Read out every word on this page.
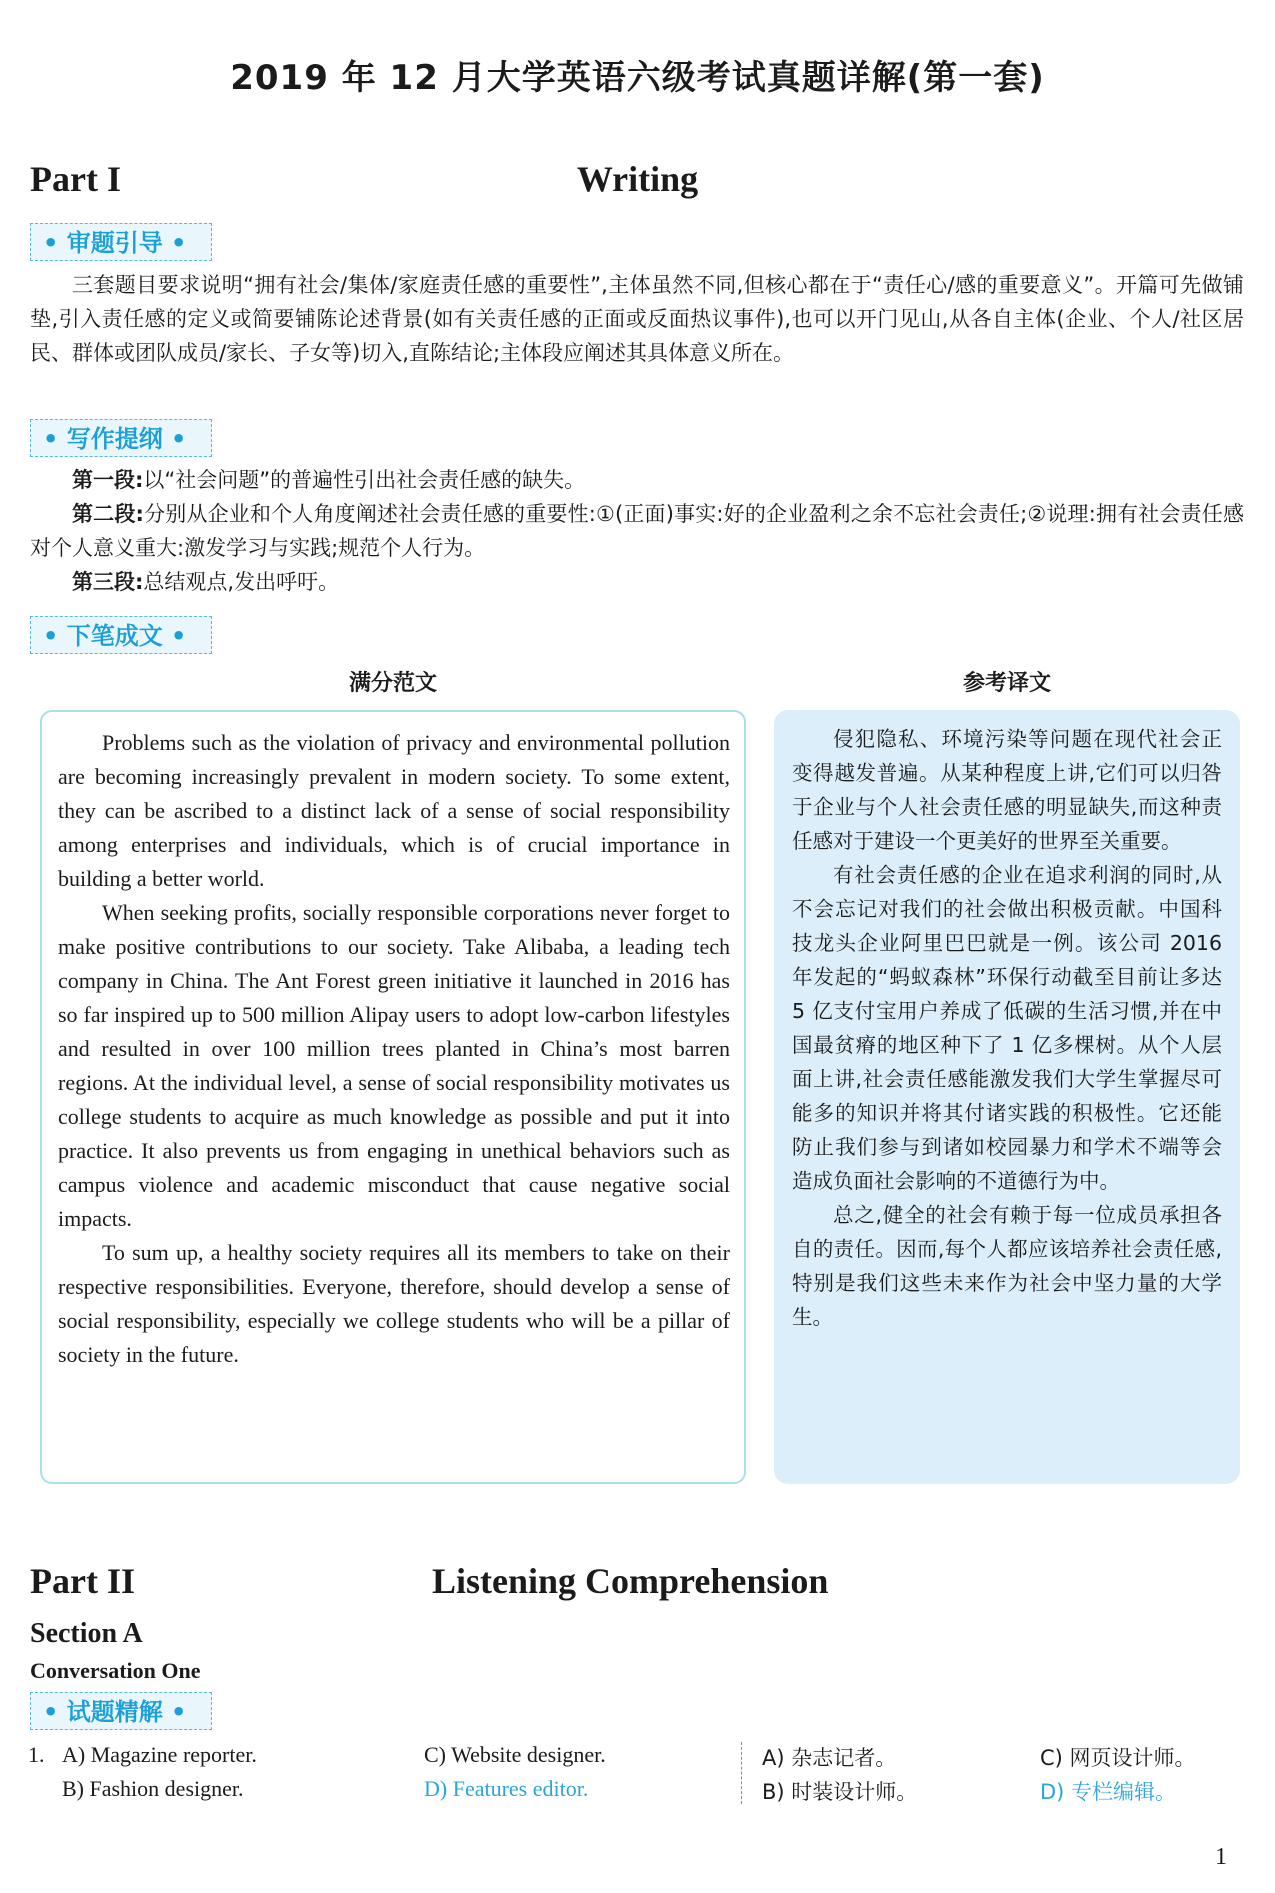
2019 年 12 月大学英语六级考试真题详解(第一套)
Part I	Writing
• 审题引导 •

三套题目要求说明“拥有社会/集体/家庭责任感的重要性”,主体虽然不同,但核心都在于“责任心/感的重要意义”。开篇可先做铺垫,引入责任感的定义或简要铺陈论述背景(如有关责任感的正面或反面热议事件),也可以开门见山,从各自主体(企业、个人/社区居民、群体或团队成员/家长、子女等)切入,直陈结论;主体段应阐述其具体意义所在。

• 写作提纲 •

第一段:以“社会问题”的普遍性引出社会责任感的缺失。

第二段:分别从企业和个人角度阐述社会责任感的重要性:①(正面)事实:好的企业盈利之余不忘社会责任;②说理:拥有社会责任感对个人意义重大:激发学习与实践;规范个人行为。

第三段:总结观点,发出呼吁。

• 下笔成文 •
满分范文	参考译文

Problems such as the violation of privacy and environmental pollution are becoming increasingly prevalent in modern society. To some extent, they can be ascribed to a distinct lack of a sense of social responsibility among enterprises and individuals, which is of crucial importance in building a better world.

When seeking profits, socially responsible corporations never forget to make positive contributions to our society. Take Alibaba, a leading tech company in China. The Ant Forest green initiative it launched in 2016 has so far inspired up to 500 million Alipay users to adopt low-carbon lifestyles and resulted in over 100 million trees planted in China’s most barren regions. At the individual level, a sense of social responsibility motivates us college students to acquire as much knowledge as possible and put it into practice. It also prevents us from engaging in unethical behaviors such as campus violence and academic misconduct that cause negative social impacts.

To sum up, a healthy society requires all its members to take on their respective responsibilities. Everyone, therefore, should develop a sense of social responsibility, especially we college students who will be a pillar of society in the future.

侵犯隐私、环境污染等问题在现代社会正变得越发普遍。从某种程度上讲,它们可以归咎于企业与个人社会责任感的明显缺失,而这种责任感对于建设一个更美好的世界至关重要。

有社会责任感的企业在追求利润的同时,从不会忘记对我们的社会做出积极贡献。中国科技龙头企业阿里巴巴就是一例。该公司 2016 年发起的“蚂蚁森林”环保行动截至目前让多达 5 亿支付宝用户养成了低碳的生活习惯,并在中国最贫瘠的地区种下了 1 亿多棵树。从个人层面上讲,社会责任感能激发我们大学生掌握尽可能多的知识并将其付诸实践的积极性。它还能防止我们参与到诸如校园暴力和学术不端等会造成负面社会影响的不道德行为中。

总之,健全的社会有赖于每一位成员承担各自的责任。因而,每个人都应该培养社会责任感,特别是我们这些未来作为社会中坚力量的大学生。

Part II	Listening Comprehension
Section A
Conversation One
• 试题精解 •
1. A) Magazine reporter.
B) Fashion designer.
C) Website designer.
D) Features editor.
A) 杂志记者。
B) 时装设计师。
C) 网页设计师。
D) 专栏编辑。
1
